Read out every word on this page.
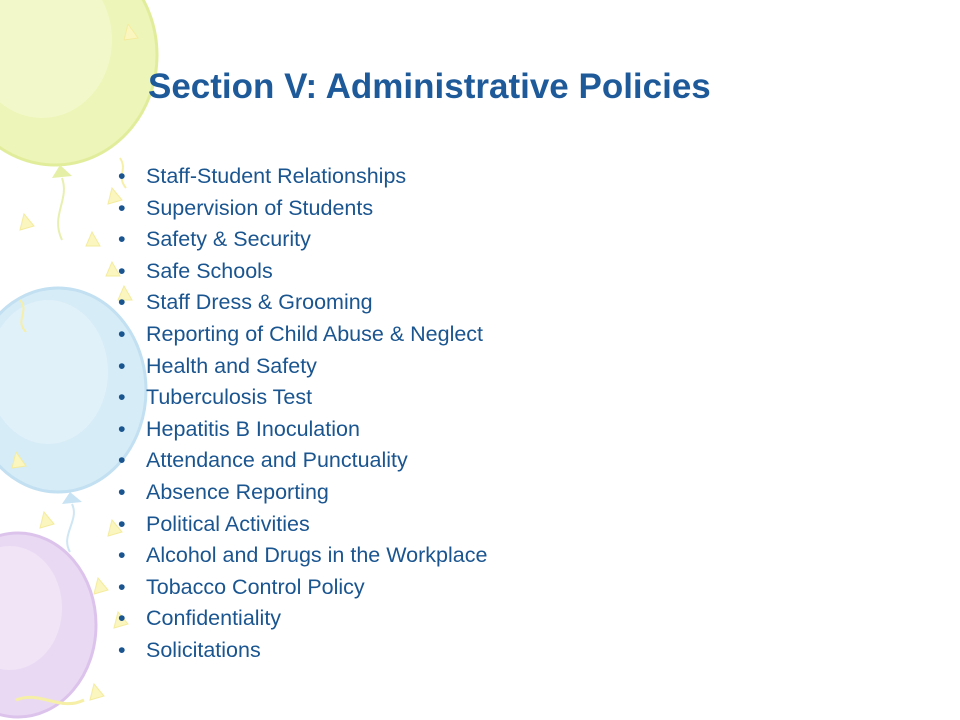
Section V: Administrative Policies
• Staff-Student Relationships
• Supervision of Students
• Safety & Security
• Safe Schools
• Staff Dress & Grooming
• Reporting of Child Abuse & Neglect
• Health and Safety
• Tuberculosis Test
• Hepatitis B Inoculation
• Attendance and Punctuality
• Absence Reporting
• Political Activities
• Alcohol and Drugs in the Workplace
• Tobacco Control Policy
• Confidentiality
• Solicitations
